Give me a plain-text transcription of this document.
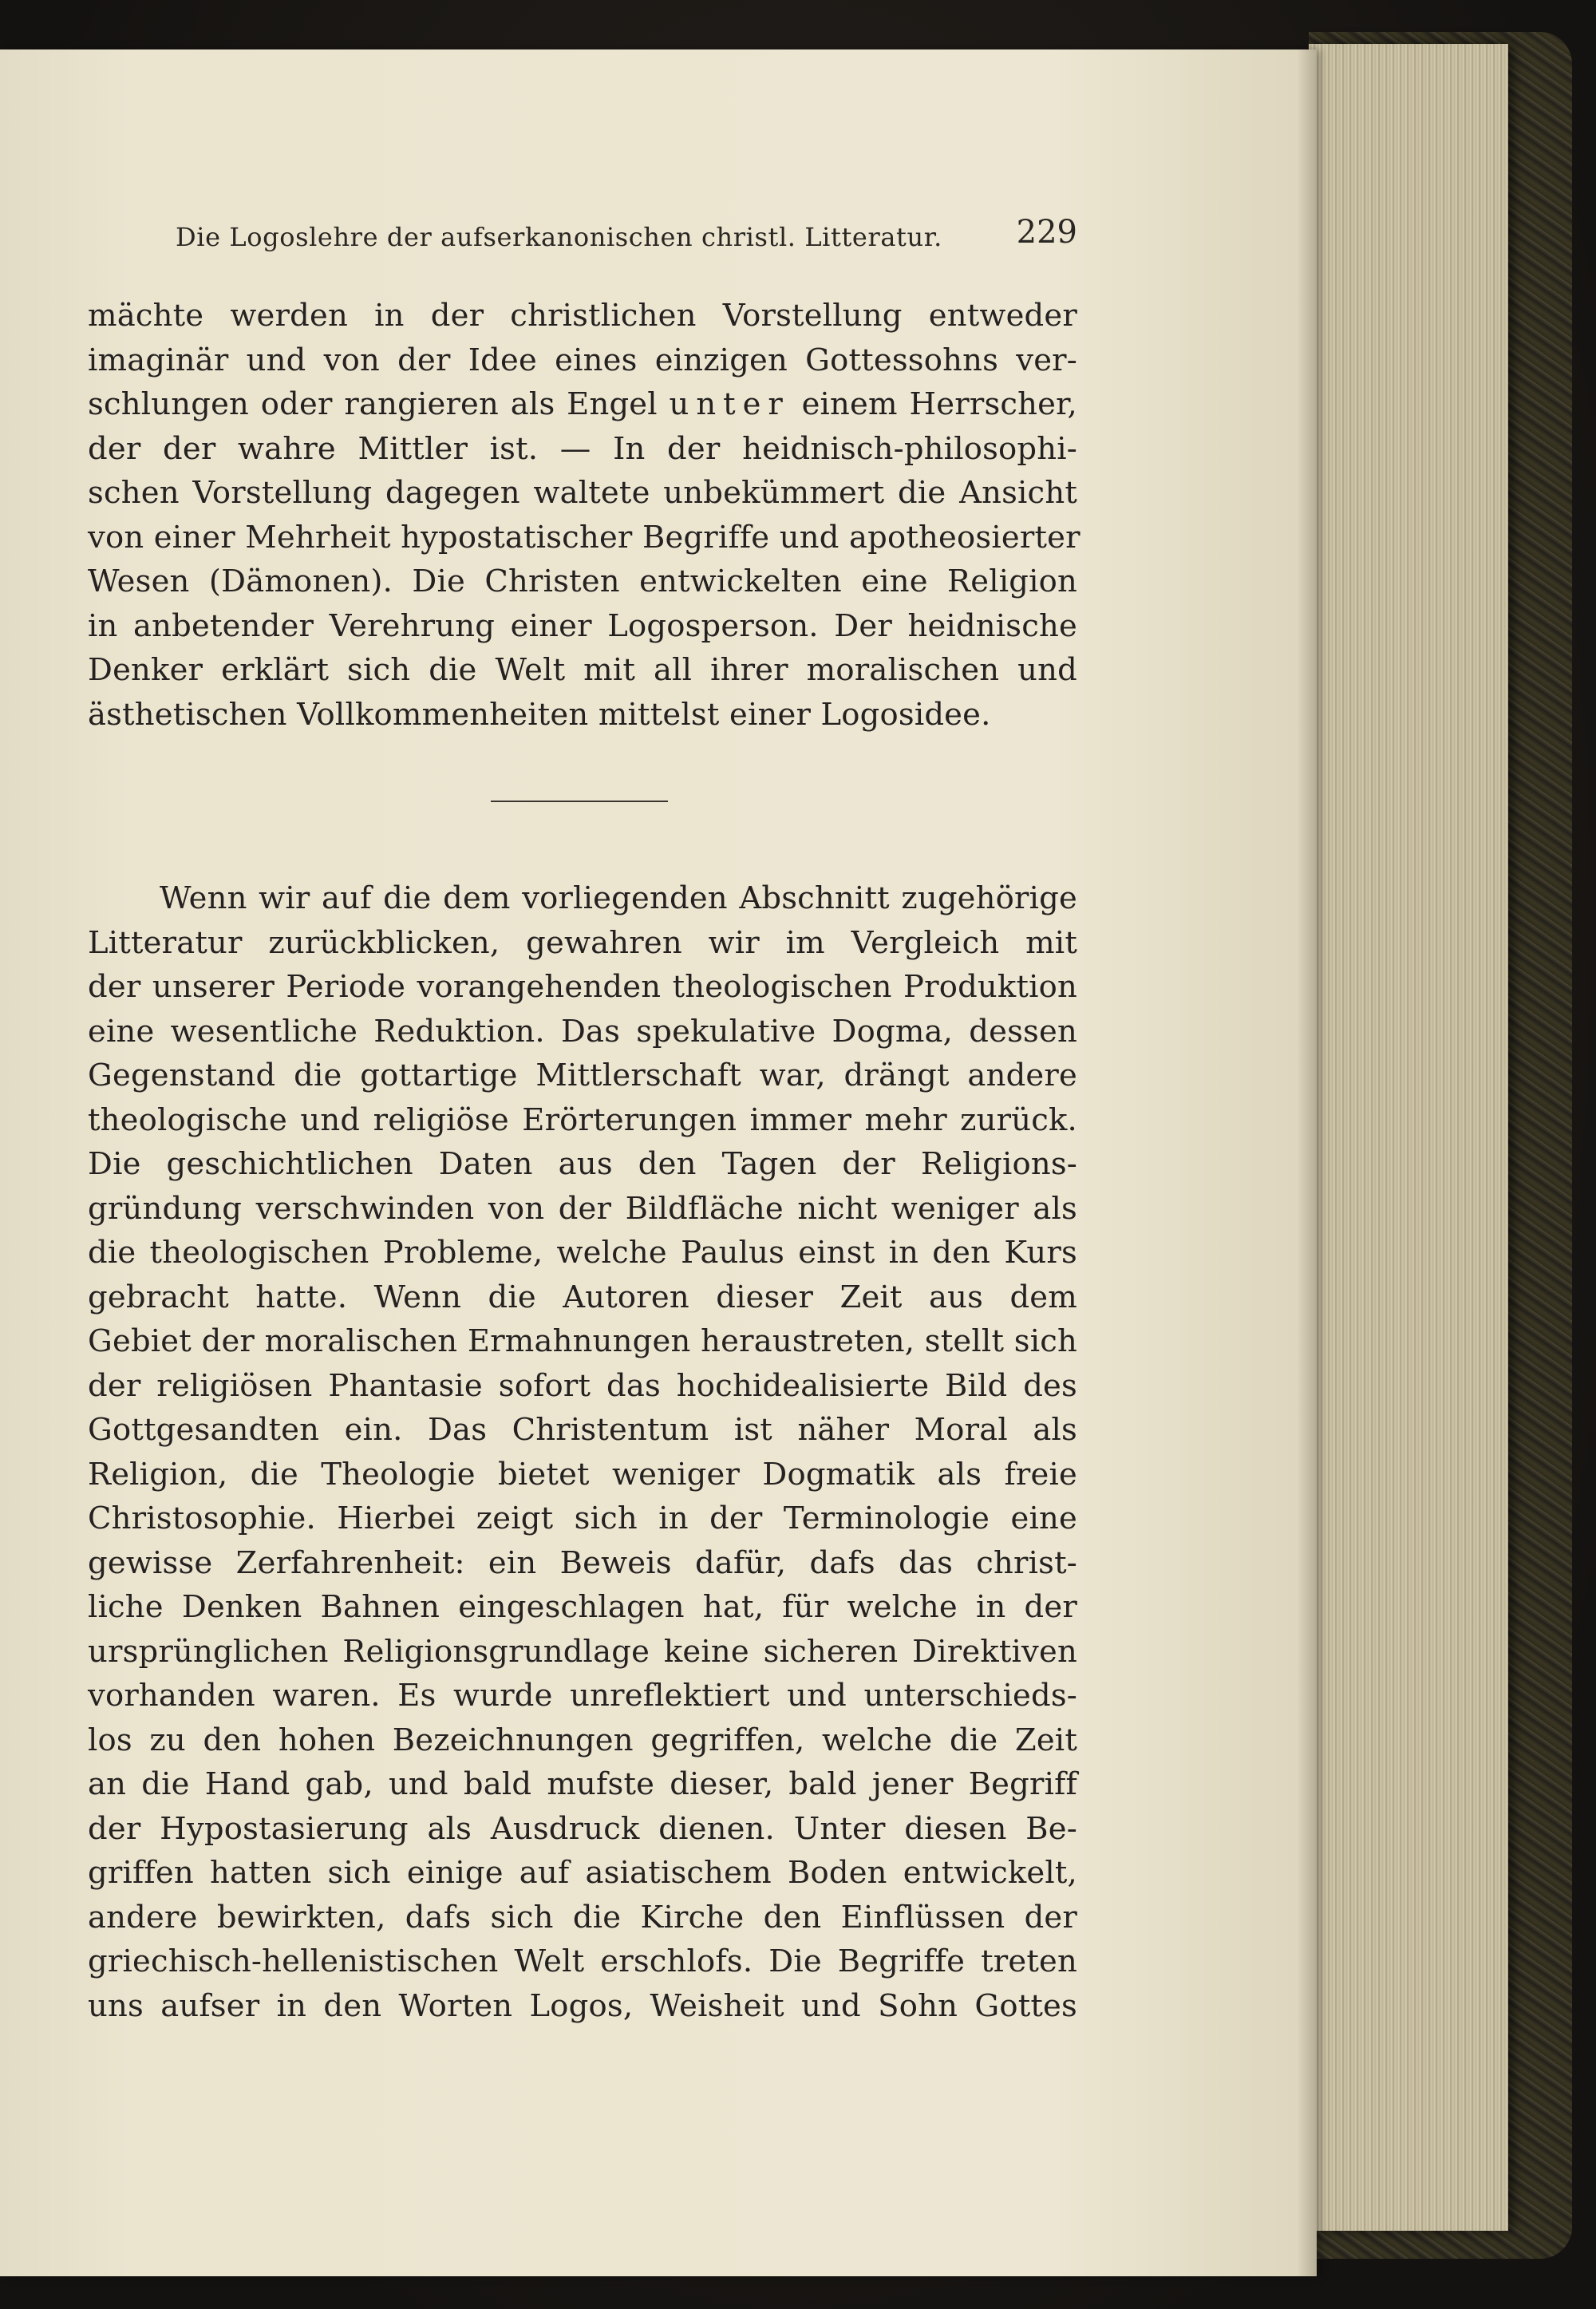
Die Logoslehre der aufserkanonischen christl. Litteratur. 229
mächte werden in der christlichen Vorstellung entweder
imaginär und von der Idee eines einzigen Gottessohns ver-
schlungen oder rangieren als Engel unter einem Herrscher,
der der wahre Mittler ist. — In der heidnisch-philosophi-
schen Vorstellung dagegen waltete unbekümmert die Ansicht
von einer Mehrheit hypostatischer Begriffe und apotheosierter
Wesen (Dämonen). Die Christen entwickelten eine Religion
in anbetender Verehrung einer Logosperson. Der heidnische
Denker erklärt sich die Welt mit all ihrer moralischen und
ästhetischen Vollkommenheiten mittelst einer Logosidee.
Wenn wir auf die dem vorliegenden Abschnitt zugehörige
Litteratur zurückblicken, gewahren wir im Vergleich mit
der unserer Periode vorangehenden theologischen Produktion
eine wesentliche Reduktion. Das spekulative Dogma, dessen
Gegenstand die gottartige Mittlerschaft war, drängt andere
theologische und religiöse Erörterungen immer mehr zurück.
Die geschichtlichen Daten aus den Tagen der Religions-
gründung verschwinden von der Bildfläche nicht weniger als
die theologischen Probleme, welche Paulus einst in den Kurs
gebracht hatte. Wenn die Autoren dieser Zeit aus dem
Gebiet der moralischen Ermahnungen heraustreten, stellt sich
der religiösen Phantasie sofort das hochidealisierte Bild des
Gottgesandten ein. Das Christentum ist näher Moral als
Religion, die Theologie bietet weniger Dogmatik als freie
Christosophie. Hierbei zeigt sich in der Terminologie eine
gewisse Zerfahrenheit: ein Beweis dafür, dafs das christ-
liche Denken Bahnen eingeschlagen hat, für welche in der
ursprünglichen Religionsgrundlage keine sicheren Direktiven
vorhanden waren. Es wurde unreflektiert und unterschieds-
los zu den hohen Bezeichnungen gegriffen, welche die Zeit
an die Hand gab, und bald mufste dieser, bald jener Begriff
der Hypostasierung als Ausdruck dienen. Unter diesen Be-
griffen hatten sich einige auf asiatischem Boden entwickelt,
andere bewirkten, dafs sich die Kirche den Einflüssen der
griechisch-hellenistischen Welt erschlofs. Die Begriffe treten
uns aufser in den Worten Logos, Weisheit und Sohn Gottes
